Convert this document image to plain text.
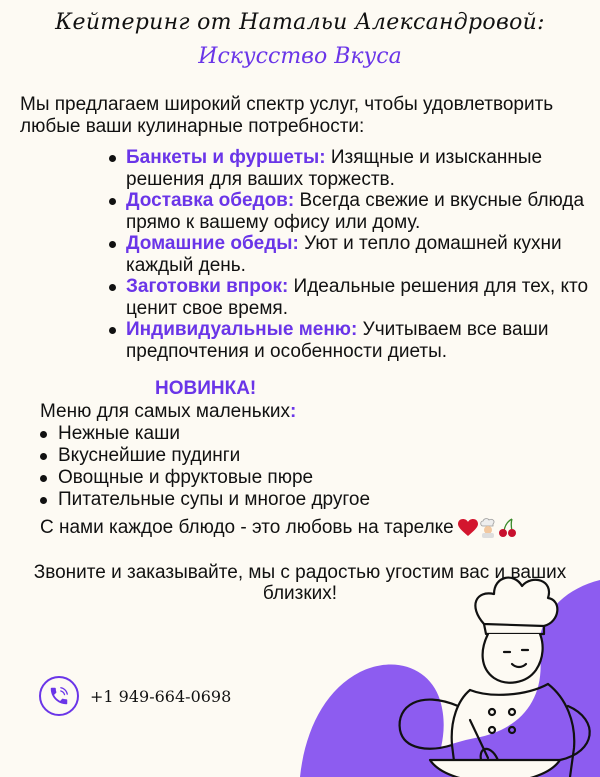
Кейтеринг от Натальи Александровой:
Искусство Вкуса
Мы предлагаем широкий спектр услуг, чтобы удовлетворить любые ваши кулинарные потребности:
Банкеты и фуршеты: Изящные и изысканные решения для ваших торжеств.
Доставка обедов: Всегда свежие и вкусные блюда прямо к вашему офису или дому.
Домашние обеды: Уют и тепло домашней кухни каждый день.
Заготовки впрок: Идеальные решения для тех, кто ценит свое время.
Индивидуальные меню: Учитываем все ваши предпочтения и особенности диеты.
НОВИНКА!
Меню для самых маленьких:
Нежные каши
Вкуснейшие пудинги
Овощные и фруктовые пюре
Питательные супы и многое другое
С нами каждое блюдо - это любовь на тарелке
Звоните и заказывайте, мы с радостью угостим вас и ваших близких!
+1 949-664-0698
